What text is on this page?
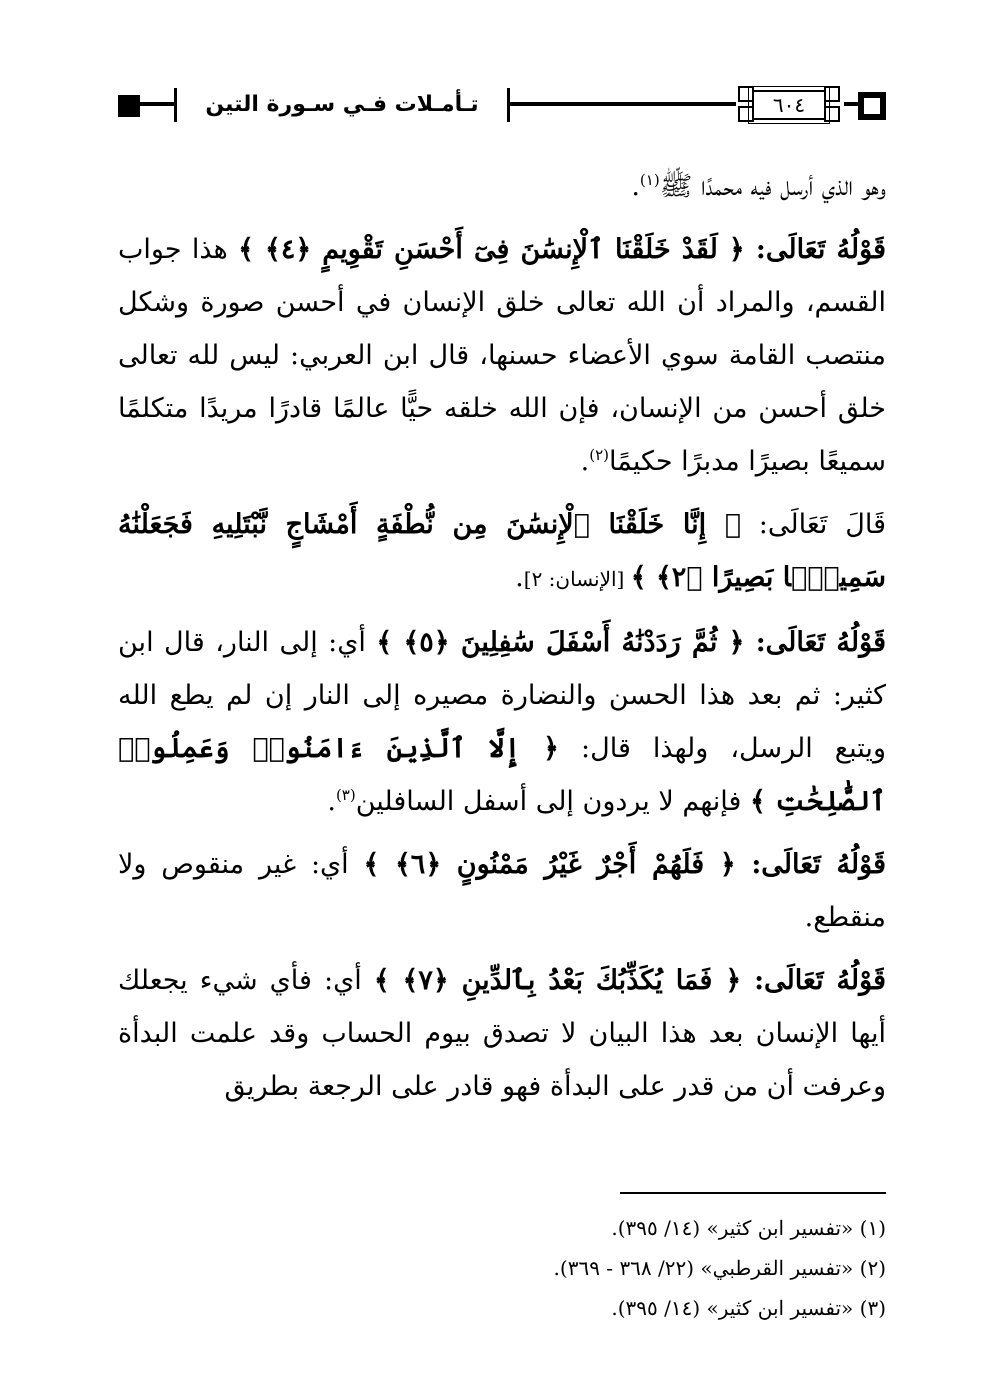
تـأمـلات فـي سـورة التين	٦٠٤

وهو الذي أرسل فيه محمدًا ﷺ$^{(١)}$.

قَوْلُهُ تَعَالَى: ﴿ لَقَدْ خَلَقْنَا ٱلْإِنسَٰنَ فِىٓ أَحْسَنِ تَقْوِيمٍ ﴿٤﴾ ﴾ هذا جواب القسم، والمراد أن الله تعالى خلق الإنسان في أحسن صورة وشكل منتصب القامة سوي الأعضاء حسنها، قال ابن العربي: ليس لله تعالى خلق أحسن من الإنسان، فإن الله خلقه حيًّا عالمًا قادرًا مريدًا متكلمًا سميعًا بصيرًا مدبرًا حكيمًا$^{(٢)}$.

قَالَ تَعَالَى: ﴿ إِنَّا خَلَقْنَا ٱلْإِنسَٰنَ مِن نُّطْفَةٍ أَمْشَاجٍ نَّبْتَلِيهِ فَجَعَلْنَٰهُ سَمِيعًۢا بَصِيرًا ﴿٢﴾ ﴾ [الإنسان: ٢].

قَوْلُهُ تَعَالَى: ﴿ ثُمَّ رَدَدْنَٰهُ أَسْفَلَ سَٰفِلِينَ ﴿٥﴾ ﴾ أي: إلى النار، قال ابن كثير: ثم بعد هذا الحسن والنضارة مصيره إلى النار إن لم يطع الله ويتبع الرسل، ولهذا قال: ﴿ إِلَّا ٱلَّذِينَ ءَامَنُوا۟ وَعَمِلُوا۟ ٱلصَّٰلِحَٰتِ ﴾ فإنهم لا يردون إلى أسفل السافلين$^{(٣)}$.

قَوْلُهُ تَعَالَى: ﴿ فَلَهُمْ أَجْرٌ غَيْرُ مَمْنُونٍ ﴿٦﴾ ﴾ أي: غير منقوص ولا منقطع.

قَوْلُهُ تَعَالَى: ﴿ فَمَا يُكَذِّبُكَ بَعْدُ بِٱلدِّينِ ﴿٧﴾ ﴾ أي: فأي شيء يجعلك أيها الإنسان بعد هذا البيان لا تصدق بيوم الحساب وقد علمت البدأة وعرفت أن من قدر على البدأة فهو قادر على الرجعة بطريق

(١) «تفسير ابن كثير» (١٤/ ٣٩٥).

(٢) «تفسير القرطبي» (٢٢/ ٣٦٨ - ٣٦٩).

(٣) «تفسير ابن كثير» (١٤/ ٣٩٥).
